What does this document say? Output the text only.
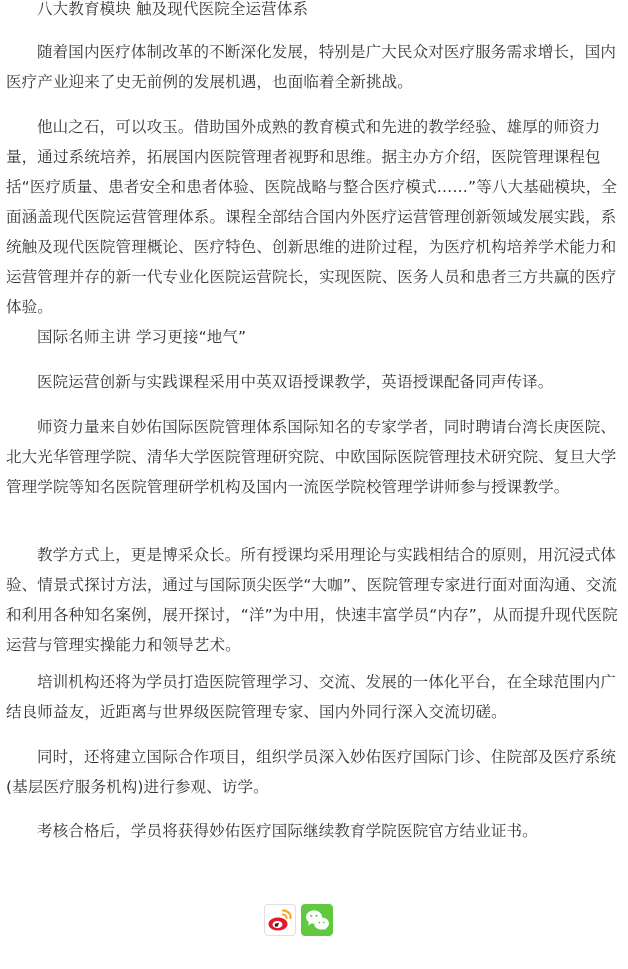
八大教育模块 触及现代医院全运营体系

随着国内医疗体制改革的不断深化发展，特别是广大民众对医疗服务需求增长，国内医疗产业迎来了史无前例的发展机遇，也面临着全新挑战。

他山之石，可以攻玉。借助国外成熟的教育模式和先进的教学经验、雄厚的师资力量，通过系统培养，拓展国内医院管理者视野和思维。据主办方介绍，医院管理课程包括“医疗质量、患者安全和患者体验、医院战略与整合医疗模式……”等八大基础模块，全面涵盖现代医院运营管理体系。课程全部结合国内外医疗运营管理创新领域发展实践，系统触及现代医院管理概论、医疗特色、创新思维的进阶过程，为医疗机构培养学术能力和运营管理并存的新一代专业化医院运营院长，实现医院、医务人员和患者三方共赢的医疗体验。

国际名师主讲 学习更接“地气”

医院运营创新与实践课程采用中英双语授课教学，英语授课配备同声传译。

师资力量来自妙佑国际医院管理体系国际知名的专家学者，同时聘请台湾长庚医院、北大光华管理学院、清华大学医院管理研究院、中欧国际医院管理技术研究院、复旦大学管理学院等知名医院管理研学机构及国内一流医学院校管理学讲师参与授课教学。

教学方式上，更是博采众长。所有授课均采用理论与实践相结合的原则，用沉浸式体验、情景式探讨方法，通过与国际顶尖医学“大咖”、医院管理专家进行面对面沟通、交流和利用各种知名案例，展开探讨，“洋”为中用，快速丰富学员“内存”，从而提升现代医院运营与管理实操能力和领导艺术。

培训机构还将为学员打造医院管理学习、交流、发展的一体化平台，在全球范围内广结良师益友，近距离与世界级医院管理专家、国内外同行深入交流切磋。

同时，还将建立国际合作项目，组织学员深入妙佑医疗国际门诊、住院部及医疗系统(基层医疗服务机构)进行参观、访学。

考核合格后，学员将获得妙佑医疗国际继续教育学院医院官方结业证书。
